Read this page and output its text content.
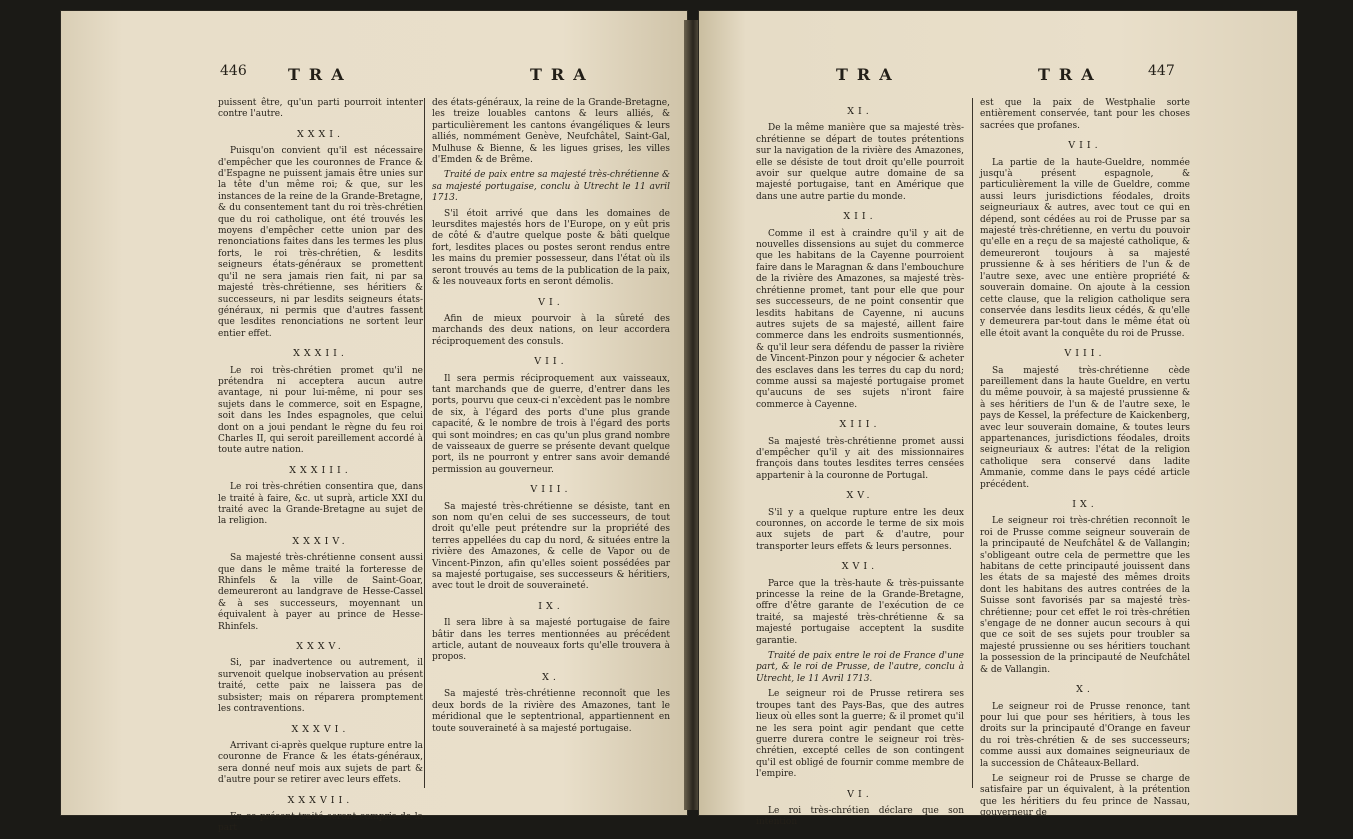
446	TRA	TRA

puissent être, qu'un parti pourroit intenter contre l'autre.

XXXI.

Puisqu'on convient qu'il est nécessaire d'empêcher que les couronnes de France & d'Espagne ne puissent jamais être unies sur la tête d'un même roi; & que, sur les instances de la reine de la Grande-Bretagne, & du consentement tant du roi très-chrétien que du roi catholique, ont été trouvés les moyens d'empêcher cette union par des renonciations faites dans les termes les plus forts, le roi très-chrétien, & lesdits seigneurs états-généraux se promettent qu'il ne sera jamais rien fait, ni par sa majesté très-chrétienne, ses héritiers & successeurs, ni par lesdits seigneurs états-généraux, ni permis que d'autres fassent que lesdites renonciations ne sortent leur entier effet.

XXXII.

Le roi très-chrétien promet qu'il ne prétendra ni acceptera aucun autre avantage, ni pour lui-même, ni pour ses sujets dans le commerce, soit en Espagne, soit dans les Indes espagnoles, que celui dont on a joui pendant le règne du feu roi Charles II, qui seroit pareillement accordé à toute autre nation.

XXXIII.

Le roi très-chrétien consentira que, dans le traité à faire, &c. ut suprà, article XXI du traité avec la Grande-Bretagne au sujet de la religion.

XXXIV.

Sa majesté très-chrétienne consent aussi que dans le même traité la forteresse de Rhinfels & la ville de Saint-Goar, demeureront au landgrave de Hesse-Cassel & à ses successeurs, moyennant un équivalent à payer au prince de Hesse-Rhinfels.

XXXV.

Si, par inadvertence ou autrement, il survenoit quelque inobservation au présent traité, cette paix ne laissera pas de subsister; mais on réparera promptement les contraventions.

XXXVI.

Arrivant ci-après quelque rupture entre la couronne de France & les états-généraux, sera donné neuf mois aux sujets de part & d'autre pour se retirer avec leurs effets.

XXXVII.

En ce présent traité seront compris de la part

des états-généraux, la reine de la Grande-Bretagne, les treize louables cantons & leurs alliés, & particulièrement les cantons évangéliques & leurs alliés, nommément Genève, Neufchâtel, Saint-Gal, Mulhuse & Bienne, & les ligues grises, les villes d'Emden & de Brême.

Traité de paix entre sa majesté très-chrétienne & sa majesté portugaise, conclu à Utrecht le 11 avril 1713.

S'il étoit arrivé que dans les domaines de leursdites majestés hors de l'Europe, on y eût pris de côté & d'autre quelque poste & bâti quelque fort, lesdites places ou postes seront rendus entre les mains du premier possesseur, dans l'état où ils seront trouvés au tems de la publication de la paix, & les nouveaux forts en seront démolis.

VI.

Afin de mieux pourvoir à la sûreté des marchands des deux nations, on leur accordera réciproquement des consuls.

VII.

Il sera permis réciproquement aux vaisseaux, tant marchands que de guerre, d'entrer dans les ports, pourvu que ceux-ci n'excèdent pas le nombre de six, à l'égard des ports d'une plus grande capacité, & le nombre de trois à l'égard des ports qui sont moindres; en cas qu'un plus grand nombre de vaisseaux de guerre se présente devant quelque port, ils ne pourront y entrer sans avoir demandé permission au gouverneur.

VIII.

Sa majesté très-chrétienne se désiste, tant en son nom qu'en celui de ses successeurs, de tout droit qu'elle peut prétendre sur la propriété des terres appellées du cap du nord, & situées entre la rivière des Amazones, & celle de Vapor ou de Vincent-Pinzon, afin qu'elles soient possédées par sa majesté portugaise, ses successeurs & héritiers, avec tout le droit de souveraineté.

IX.

Il sera libre à sa majesté portugaise de faire bâtir dans les terres mentionnées au précédent article, autant de nouveaux forts qu'elle trouvera à propos.

X.

Sa majesté très-chrétienne reconnoît que les deux bords de la rivière des Amazones, tant le méridional que le septentrional, appartiennent en toute souveraineté à sa majesté portugaise.

TRA	TRA	447

XI.

De la même manière que sa majesté très-chrétienne se départ de toutes prétentions sur la navigation de la rivière des Amazones, elle se désiste de tout droit qu'elle pourroit avoir sur quelque autre domaine de sa majesté portugaise, tant en Amérique que dans une autre partie du monde.

XII.

Comme il est à craindre qu'il y ait de nouvelles dissensions au sujet du commerce que les habitans de la Cayenne pourroient faire dans le Maragnan & dans l'embouchure de la rivière des Amazones, sa majesté très-chrétienne promet, tant pour elle que pour ses successeurs, de ne point consentir que lesdits habitans de Cayenne, ni aucuns autres sujets de sa majesté, aillent faire commerce dans les endroits susmentionnés, & qu'il leur sera défendu de passer la rivière de Vincent-Pinzon pour y négocier & acheter des esclaves dans les terres du cap du nord; comme aussi sa majesté portugaise promet qu'aucuns de ses sujets n'iront faire commerce à Cayenne.

XIII.

Sa majesté très-chrétienne promet aussi d'empêcher qu'il y ait des missionnaires françois dans toutes lesdites terres censées appartenir à la couronne de Portugal.

XV.

S'il y a quelque rupture entre les deux couronnes, on accorde le terme de six mois aux sujets de part & d'autre, pour transporter leurs effets & leurs personnes.

XVI.

Parce que la très-haute & très-puissante princesse la reine de la Grande-Bretagne, offre d'être garante de l'exécution de ce traité, sa majesté très-chrétienne & sa majesté portugaise acceptent la susdite garantie.

Traité de paix entre le roi de France d'une part, & le roi de Prusse, de l'autre, conclu à Utrecht, le 11 Avril 1713.

Le seigneur roi de Prusse retirera ses troupes tant des Pays-Bas, que des autres lieux où elles sont la guerre; & il promet qu'il ne les sera point agir pendant que cette guerre durera contre le seigneur roi très-chrétien, excepté celles de son contingent qu'il est obligé de fournir comme membre de l'empire.

VI.

Le roi très-chrétien déclare que son intention

est que la paix de Westphalie sorte entièrement conservée, tant pour les choses sacrées que profanes.

VII.

La partie de la haute-Gueldre, nommée jusqu'à présent espagnole, & particulièrement la ville de Gueldre, comme aussi leurs jurisdictions féodales, droits seigneuriaux & autres, avec tout ce qui en dépend, sont cédées au roi de Prusse par sa majesté très-chrétienne, en vertu du pouvoir qu'elle en a reçu de sa majesté catholique, & demeureront toujours à sa majesté prussienne & à ses héritiers de l'un & de l'autre sexe, avec une entière propriété & souverain domaine. On ajoute à la cession cette clause, que la religion catholique sera conservée dans lesdits lieux cédés, & qu'elle y demeurera par-tout dans le même état où elle étoit avant la conquête du roi de Prusse.

VIII.

Sa majesté très-chrétienne cède pareillement dans la haute Gueldre, en vertu du même pouvoir, à sa majesté prussienne & à ses héritiers de l'un & de l'autre sexe, le pays de Kessel, la préfecture de Kaickenberg, avec leur souverain domaine, & toutes leurs appartenances, jurisdictions féodales, droits seigneuriaux & autres: l'état de la religion catholique sera conservé dans ladite Ammanie, comme dans le pays cédé article précédent.

IX.

Le seigneur roi très-chrétien reconnoît le roi de Prusse comme seigneur souverain de la principauté de Neufchâtel & de Vallangin; s'obligeant outre cela de permettre que les habitans de cette principauté jouissent dans les états de sa majesté des mêmes droits dont les habitans des autres contrées de la Suisse sont favorisés par sa majesté très-chrétienne; pour cet effet le roi très-chrétien s'engage de ne donner aucun secours à qui que ce soit de ses sujets pour troubler sa majesté prussienne ou ses héritiers touchant la possession de la principauté de Neufchâtel & de Vallangin.

X.

Le seigneur roi de Prusse renonce, tant pour lui que pour ses héritiers, à tous les droits sur la principauté d'Orange en faveur du roi très-chrétien & de ses successeurs; comme aussi aux domaines seigneuriaux de la succession de Châteaux-Bellard.

Le seigneur roi de Prusse se charge de satisfaire par un équivalent, à la prétention que les héritiers du feu prince de Nassau, gouverneur de
